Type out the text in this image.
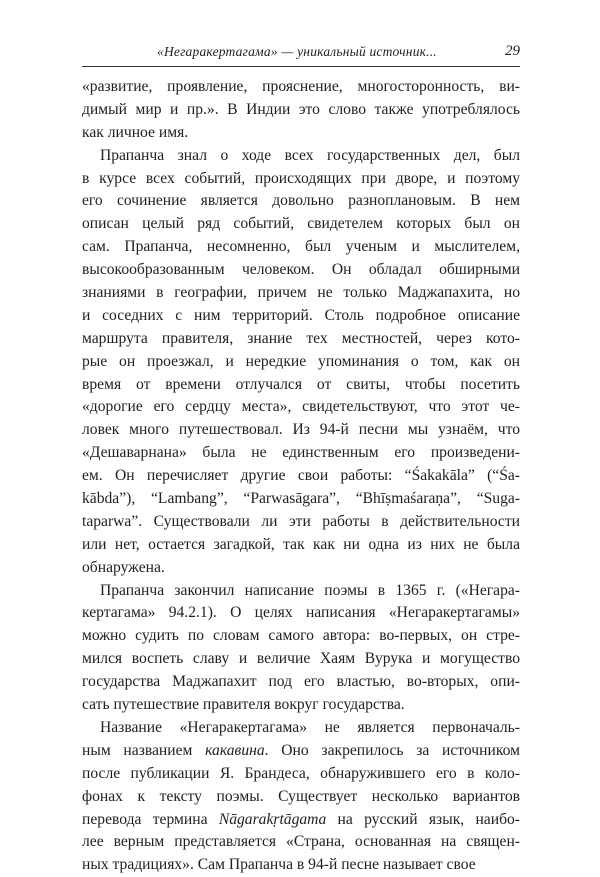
«Негаракертагама» — уникальный источник...	29
«развитие, проявление, прояснение, многосторонность, ви-
димый мир и пр.». В Индии это слово также употреблялось
как личное имя.
Прапанча знал о ходе всех государственных дел, был
в курсе всех событий, происходящих при дворе, и поэтому
его сочинение является довольно разноплановым. В нем
описан целый ряд событий, свидетелем которых был он
сам. Прапанча, несомненно, был ученым и мыслителем,
высокообразованным человеком. Он обладал обширными
знаниями в географии, причем не только Маджапахита, но
и соседних с ним территорий. Столь подробное описание
маршрута правителя, знание тех местностей, через кото-
рые он проезжал, и нередкие упоминания о том, как он
время от времени отлучался от свиты, чтобы посетить
«дорогие его сердцу места», свидетельствуют, что этот че-
ловек много путешествовал. Из 94-й песни мы узнаём, что
«Дешаварнана» была не единственным его произведени-
ем. Он перечисляет другие свои работы: “Śakakāla” (“Śa-
kābda”), “Lambang”, “Parwasāgara”, “Bhīṣmaśaraṇa”, “Suga-
taparwa”. Существовали ли эти работы в действительности
или нет, остается загадкой, так как ни одна из них не была
обнаружена.
Прапанча закончил написание поэмы в 1365 г. («Негара-
кертагама» 94.2.1). О целях написания «Негаракертагамы»
можно судить по словам самого автора: во-первых, он стре-
мился воспеть славу и величие Хаям Вурука и могущество
государства Маджапахит под его властью, во-вторых, опи-
сать путешествие правителя вокруг государства.
Название «Негаракертагама» не является первоначаль-
ным названием какавина. Оно закрепилось за источником
после публикации Я. Брандеса, обнаружившего его в коло-
фонах к тексту поэмы. Существует несколько вариантов
перевода термина Nāgarakṛtāgama на русский язык, наибо-
лее верным представляется «Страна, основанная на священ-
ных традициях». Сам Прапанча в 94-й песне называет свое
